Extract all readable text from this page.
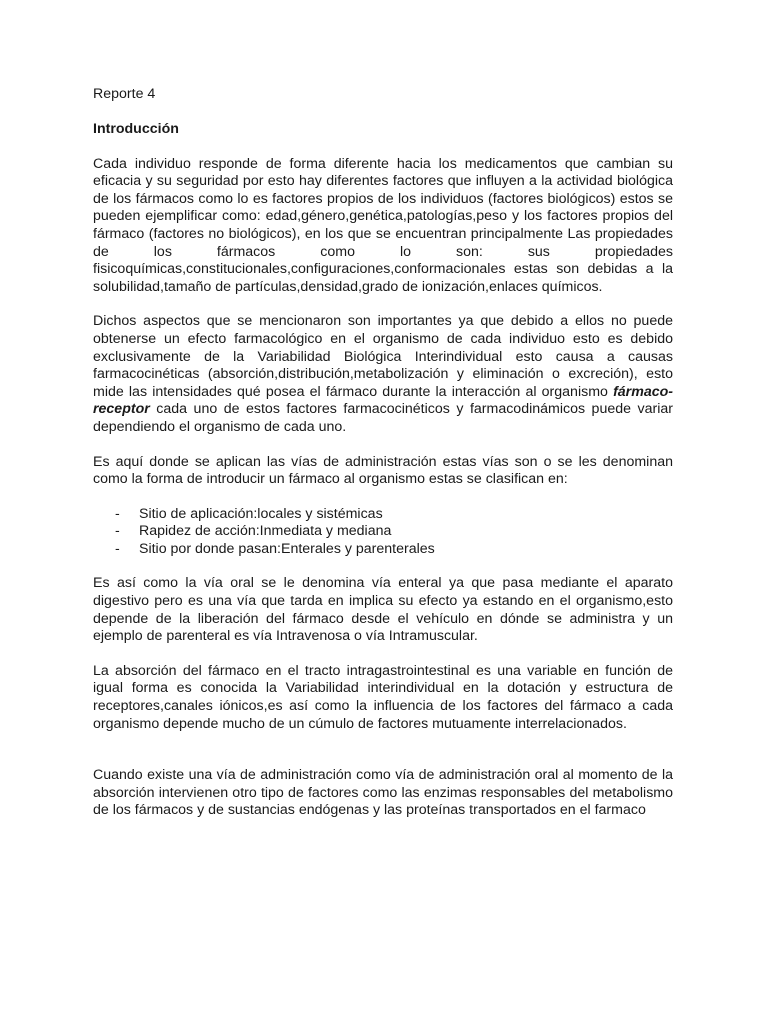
Reporte 4

Introducción

Cada individuo responde de forma diferente hacia los medicamentos que cambian su eficacia y su seguridad por esto hay diferentes factores que influyen a la actividad biológica de los fármacos como lo es factores propios de los individuos (factores biológicos) estos se pueden ejemplificar como: edad,género,genética,patologías,peso y los factores propios del fármaco (factores no biológicos), en los que se encuentran principalmente Las propiedades de los fármacos como lo son: sus propiedades fisicoquímicas,constitucionales,configuraciones,conformacionales estas son debidas a la solubilidad,tamaño de partículas,densidad,grado de ionización,enlaces químicos.

Dichos aspectos que se mencionaron son importantes ya que debido a ellos no puede obtenerse un efecto farmacológico en el organismo de cada individuo esto es debido exclusivamente de la Variabilidad Biológica Interindividual esto causa a causas farmacocinéticas (absorción,distribución,metabolización y eliminación o excreción), esto mide las intensidades qué posea el fármaco durante la interacción al organismo fármaco-receptor cada uno de estos factores farmacocinéticos y farmacodinámicos puede variar dependiendo el organismo de cada uno.

Es aquí donde se aplican las vías de administración estas vías son o se les denominan como la forma de introducir un fármaco al organismo estas se clasifican en:

- Sitio de aplicación:locales y sistémicas
- Rapidez de acción:Inmediata y mediana
- Sitio por donde pasan:Enterales y parenterales

Es así como la vía oral se le denomina vía enteral ya que pasa mediante el aparato digestivo pero es una vía que tarda en implica su efecto ya estando en el organismo,esto depende de la liberación del fármaco desde el vehículo en dónde se administra y un ejemplo de parenteral es vía Intravenosa o vía Intramuscular.

La absorción del fármaco en el tracto intragastrointestinal es una variable en función de igual forma es conocida la Variabilidad interindividual en la dotación y estructura de receptores,canales iónicos,es así como la influencia de los factores del fármaco a cada organismo depende mucho de un cúmulo de factores mutuamente interrelacionados.

Cuando existe una vía de administración como vía de administración oral al momento de la absorción intervienen otro tipo de factores como las enzimas responsables del metabolismo de los fármacos y de sustancias endógenas y las proteínas transportados en el farmaco
